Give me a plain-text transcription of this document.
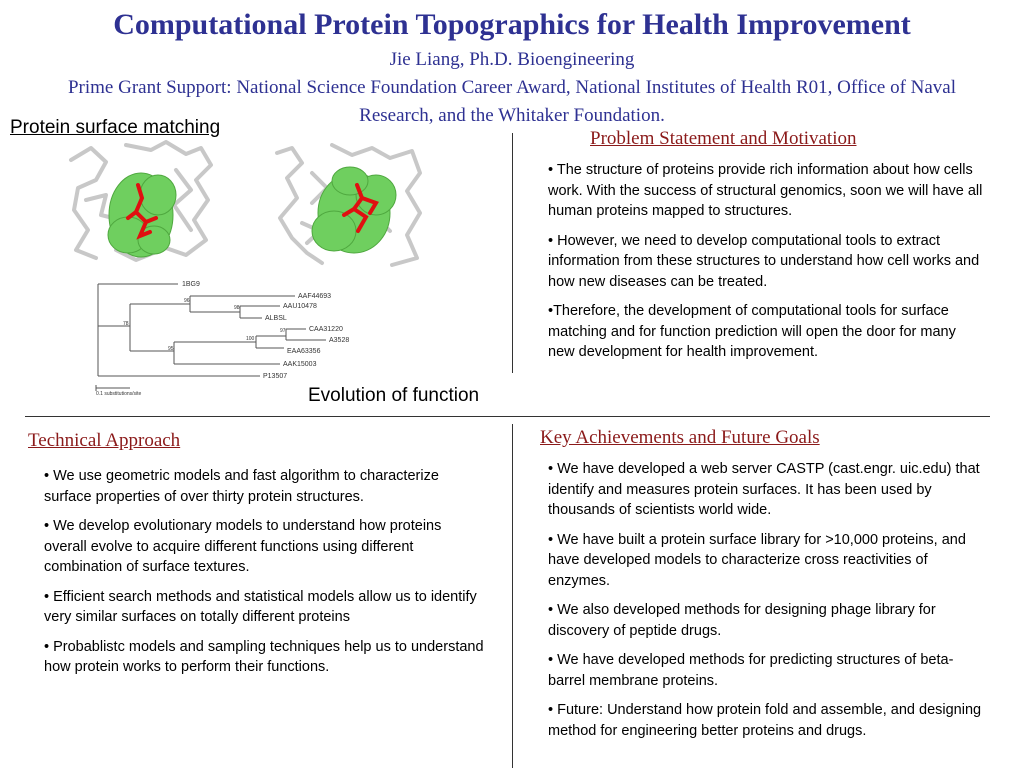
Computational Protein Topographics for Health Improvement
Jie Liang, Ph.D. Bioengineering
Prime Grant Support: National Science Foundation Career Award, National Institutes of Health R01, Office of Naval Research, and the Whitaker Foundation.
Protein surface matching
1BG9
AAF44693
AAU10478
ALBSL
CAA31220
A3528
EAA63356
AAK15003
P13507
96
98
78
97
100
95
0.1 substitutions/site	Evolution of function
Problem Statement and Motivation

• The structure of proteins provide rich information about how cells work. With the success of structural genomics, soon we will have all human proteins mapped to structures.

• However, we need to develop computational tools to extract information from these structures to understand how cell works and how new diseases can be treated.

•Therefore, the development of computational tools for surface matching and for function prediction will open the door for many new development for health improvement.

Technical Approach

• We use geometric models and fast algorithm to characterize surface properties of over thirty protein structures.

• We develop evolutionary models to understand how proteins overall evolve to acquire different functions using different combination of surface textures.

• Efficient search methods and statistical models allow us to identify very similar surfaces on totally different proteins

• Probablistc models and sampling techniques help us to understand how protein works to perform their functions.

Key Achievements and Future Goals

• We have developed a web server CASTP (cast.engr. uic.edu) that identify and measures protein surfaces. It has been used by thousands of scientists world wide.

• We have built a protein surface library for >10,000 proteins, and have developed models to characterize cross reactivities of enzymes.

• We also developed methods for designing phage library for discovery of peptide drugs.

• We have developed methods for predicting structures of beta-barrel membrane proteins.

• Future: Understand how protein fold and assemble, and designing method for engineering better proteins and drugs.
